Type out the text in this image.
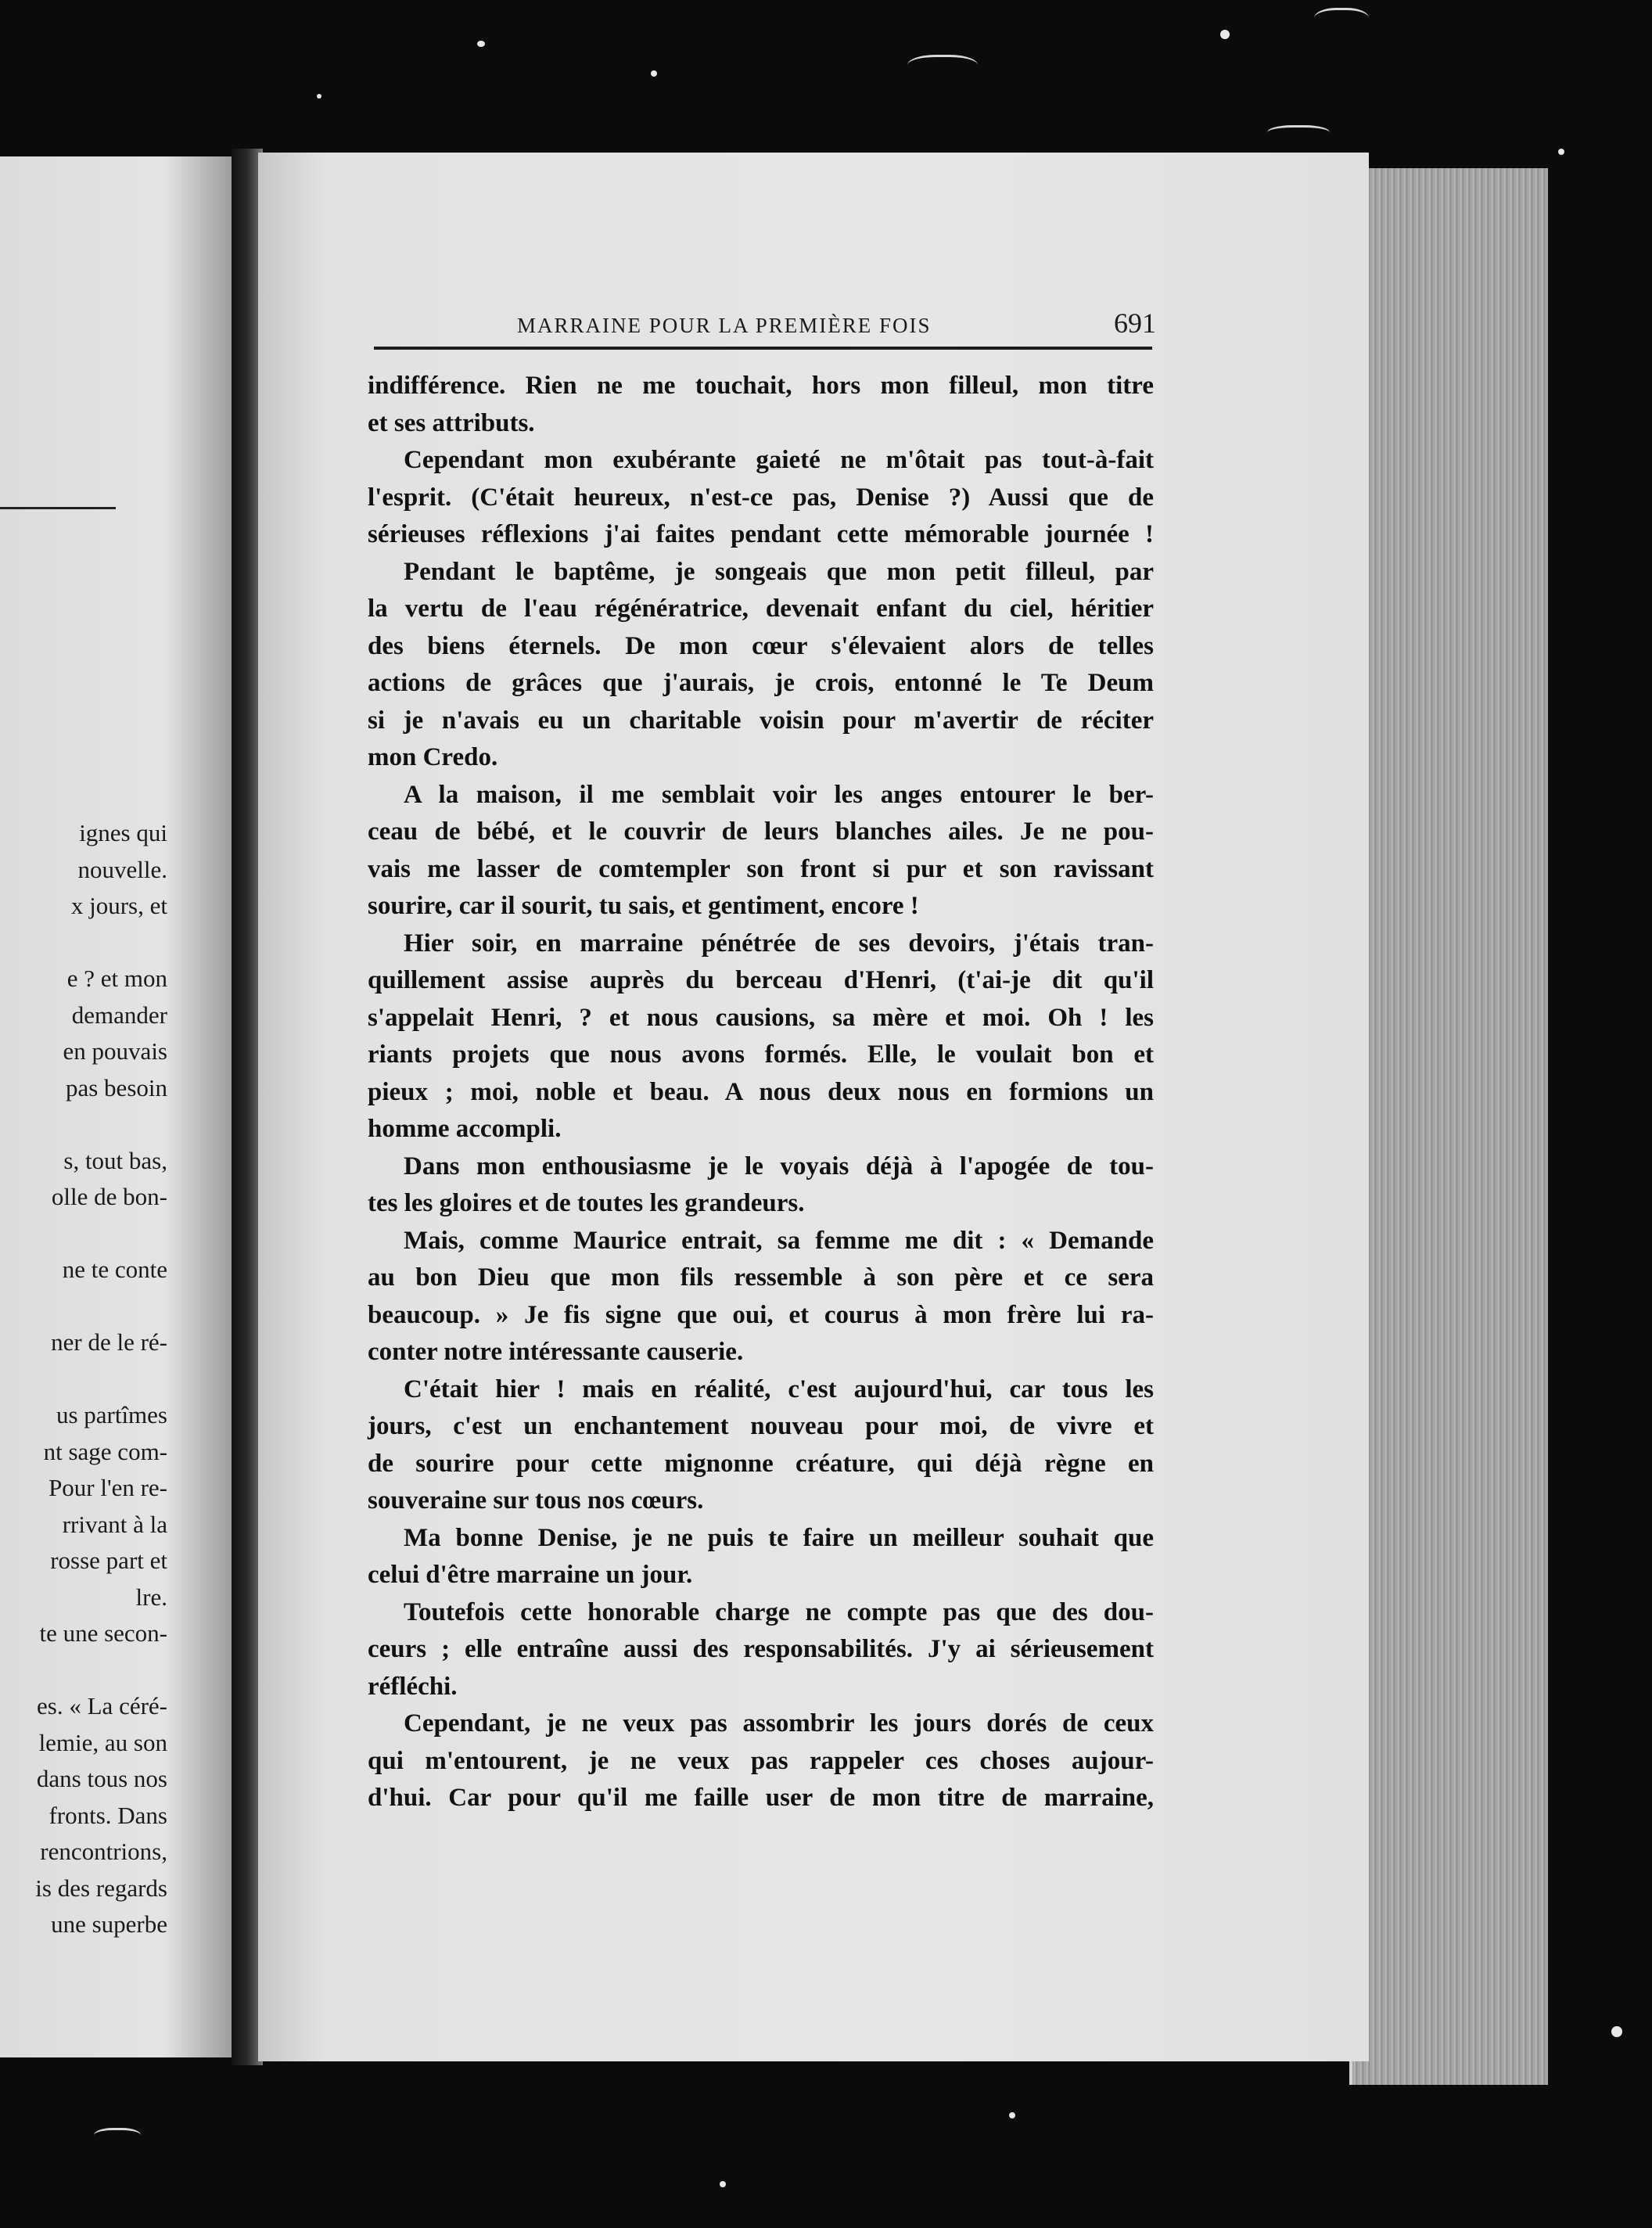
ignes qui
nouvelle.
x jours, et
e ? et mon
demander
en pouvais
pas besoin
s, tout bas,
olle de bon-
ne te conte
ner de le ré-
us partîmes
nt sage com-
Pour l'en re-
rrivant à la
rosse part et
lre.
te une secon-
es. « La céré-
lemie, au son
dans tous nos
fronts. Dans
rencontrions,
is des regards
une superbe
MARRAINE POUR LA PREMIÈRE FOIS	691
indifférence. Rien ne me touchait, hors mon filleul, mon titre
et ses attributs.
Cependant mon exubérante gaieté ne m'ôtait pas tout-à-fait
l'esprit. (C'était heureux, n'est-ce pas, Denise ?) Aussi que de
sérieuses réflexions j'ai faites pendant cette mémorable journée !
Pendant le baptême, je songeais que mon petit filleul, par
la vertu de l'eau régénératrice, devenait enfant du ciel, héritier
des biens éternels. De mon cœur s'élevaient alors de telles
actions de grâces que j'aurais, je crois, entonné le Te Deum
si je n'avais eu un charitable voisin pour m'avertir de réciter
mon Credo.
A la maison, il me semblait voir les anges entourer le ber-
ceau de bébé, et le couvrir de leurs blanches ailes. Je ne pou-
vais me lasser de comtempler son front si pur et son ravissant
sourire, car il sourit, tu sais, et gentiment, encore !
Hier soir, en marraine pénétrée de ses devoirs, j'étais tran-
quillement assise auprès du berceau d'Henri, (t'ai-je dit qu'il
s'appelait Henri, ? et nous causions, sa mère et moi. Oh ! les
riants projets que nous avons formés. Elle, le voulait bon et
pieux ; moi, noble et beau. A nous deux nous en formions un
homme accompli.
Dans mon enthousiasme je le voyais déjà à l'apogée de tou-
tes les gloires et de toutes les grandeurs.
Mais, comme Maurice entrait, sa femme me dit : « Demande
au bon Dieu que mon fils ressemble à son père et ce sera
beaucoup. » Je fis signe que oui, et courus à mon frère lui ra-
conter notre intéressante causerie.
C'était hier ! mais en réalité, c'est aujourd'hui, car tous les
jours, c'est un enchantement nouveau pour moi, de vivre et
de sourire pour cette mignonne créature, qui déjà règne en
souveraine sur tous nos cœurs.
Ma bonne Denise, je ne puis te faire un meilleur souhait que
celui d'être marraine un jour.
Toutefois cette honorable charge ne compte pas que des dou-
ceurs ; elle entraîne aussi des responsabilités. J'y ai sérieusement
réfléchi.
Cependant, je ne veux pas assombrir les jours dorés de ceux
qui m'entourent, je ne veux pas rappeler ces choses aujour-
d'hui. Car pour qu'il me faille user de mon titre de marraine,
